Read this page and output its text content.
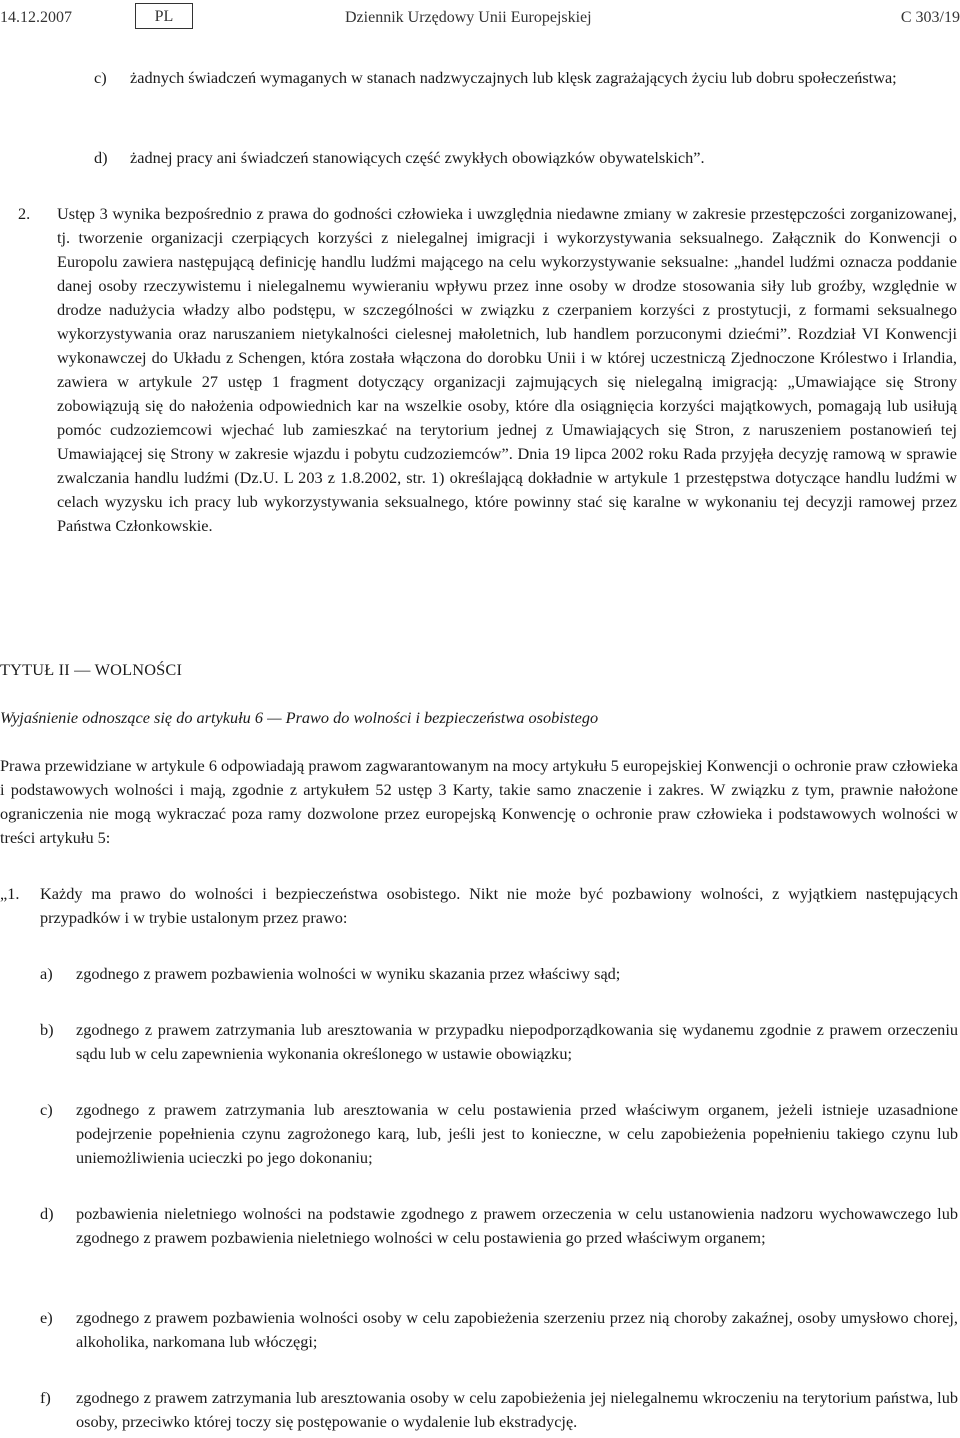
14.12.2007	PL	Dziennik Urzędowy Unii Europejskiej	C 303/19
c) żadnych świadczeń wymaganych w stanach nadzwyczajnych lub klęsk zagrażających życiu lub dobru społeczeństwa;

d) żadnej pracy ani świadczeń stanowiących część zwykłych obowiązków obywatelskich”.

2. Ustęp 3 wynika bezpośrednio z prawa do godności człowieka i uwzględnia niedawne zmiany w zakresie przestępczości zorganizowanej, tj. tworzenie organizacji czerpiących korzyści z nielegalnej imigracji i wykorzystywania seksualnego. Załącznik do Konwencji o Europolu zawiera następującą definicję handlu ludźmi mającego na celu wykorzystywanie seksualne: „handel ludźmi oznacza poddanie danej osoby rzeczywistemu i nielegalnemu wywieraniu wpływu przez inne osoby w drodze stosowania siły lub groźby, względnie w drodze nadużycia władzy albo podstępu, w szczególności w związku z czerpaniem korzyści z prostytucji, z formami seksualnego wykorzystywania oraz naruszaniem nietykalności cielesnej małoletnich, lub handlem porzuconymi dziećmi”. Rozdział VI Konwencji wykonawczej do Układu z Schengen, która została włączona do dorobku Unii i w której uczestniczą Zjednoczone Królestwo i Irlandia, zawiera w artykule 27 ustęp 1 fragment dotyczący organizacji zajmujących się nielegalną imigracją: „Umawiające się Strony zobowiązują się do nałożenia odpowiednich kar na wszelkie osoby, które dla osiągnięcia korzyści majątkowych, pomagają lub usiłują pomóc cudzoziemcowi wjechać lub zamieszkać na terytorium jednej z Umawiających się Stron, z naruszeniem postanowień tej Umawiającej się Strony w zakresie wjazdu i pobytu cudzoziemców”. Dnia 19 lipca 2002 roku Rada przyjęła decyzję ramową w sprawie zwalczania handlu ludźmi (Dz.U. L 203 z 1.8.2002, str. 1) określającą dokładnie w artykule 1 przestępstwa dotyczące handlu ludźmi w celach wyzysku ich pracy lub wykorzystywania seksualnego, które powinny stać się karalne w wykonaniu tej decyzji ramowej przez Państwa Członkowskie.

TYTUŁ II — WOLNOŚCI
Wyjaśnienie odnoszące się do artykułu 6 — Prawo do wolności i bezpieczeństwa osobistego

Prawa przewidziane w artykule 6 odpowiadają prawom zagwarantowanym na mocy artykułu 5 europejskiej Konwencji o ochronie praw człowieka i podstawowych wolności i mają, zgodnie z artykułem 52 ustęp 3 Karty, takie samo znaczenie i zakres. W związku z tym, prawnie nałożone ograniczenia nie mogą wykraczać poza ramy dozwolone przez europejską Konwencję o ochronie praw człowieka i podstawowych wolności w treści artykułu 5:

„1. Każdy ma prawo do wolności i bezpieczeństwa osobistego. Nikt nie może być pozbawiony wolności, z wyjątkiem następujących przypadków i w trybie ustalonym przez prawo:

a) zgodnego z prawem pozbawienia wolności w wyniku skazania przez właściwy sąd;

b) zgodnego z prawem zatrzymania lub aresztowania w przypadku niepodporządkowania się wydanemu zgodnie z prawem orzeczeniu sądu lub w celu zapewnienia wykonania określonego w ustawie obowiązku;

c) zgodnego z prawem zatrzymania lub aresztowania w celu postawienia przed właściwym organem, jeżeli istnieje uzasadnione podejrzenie popełnienia czynu zagrożonego karą, lub, jeśli jest to konieczne, w celu zapobieżenia popełnieniu takiego czynu lub uniemożliwienia ucieczki po jego dokonaniu;

d) pozbawienia nieletniego wolności na podstawie zgodnego z prawem orzeczenia w celu ustanowienia nadzoru wychowawczego lub zgodnego z prawem pozbawienia nieletniego wolności w celu postawienia go przed właściwym organem;

e) zgodnego z prawem pozbawienia wolności osoby w celu zapobieżenia szerzeniu przez nią choroby zakaźnej, osoby umysłowo chorej, alkoholika, narkomana lub włóczęgi;

f) zgodnego z prawem zatrzymania lub aresztowania osoby w celu zapobieżenia jej nielegalnemu wkroczeniu na terytorium państwa, lub osoby, przeciwko której toczy się postępowanie o wydalenie lub ekstradycję.
